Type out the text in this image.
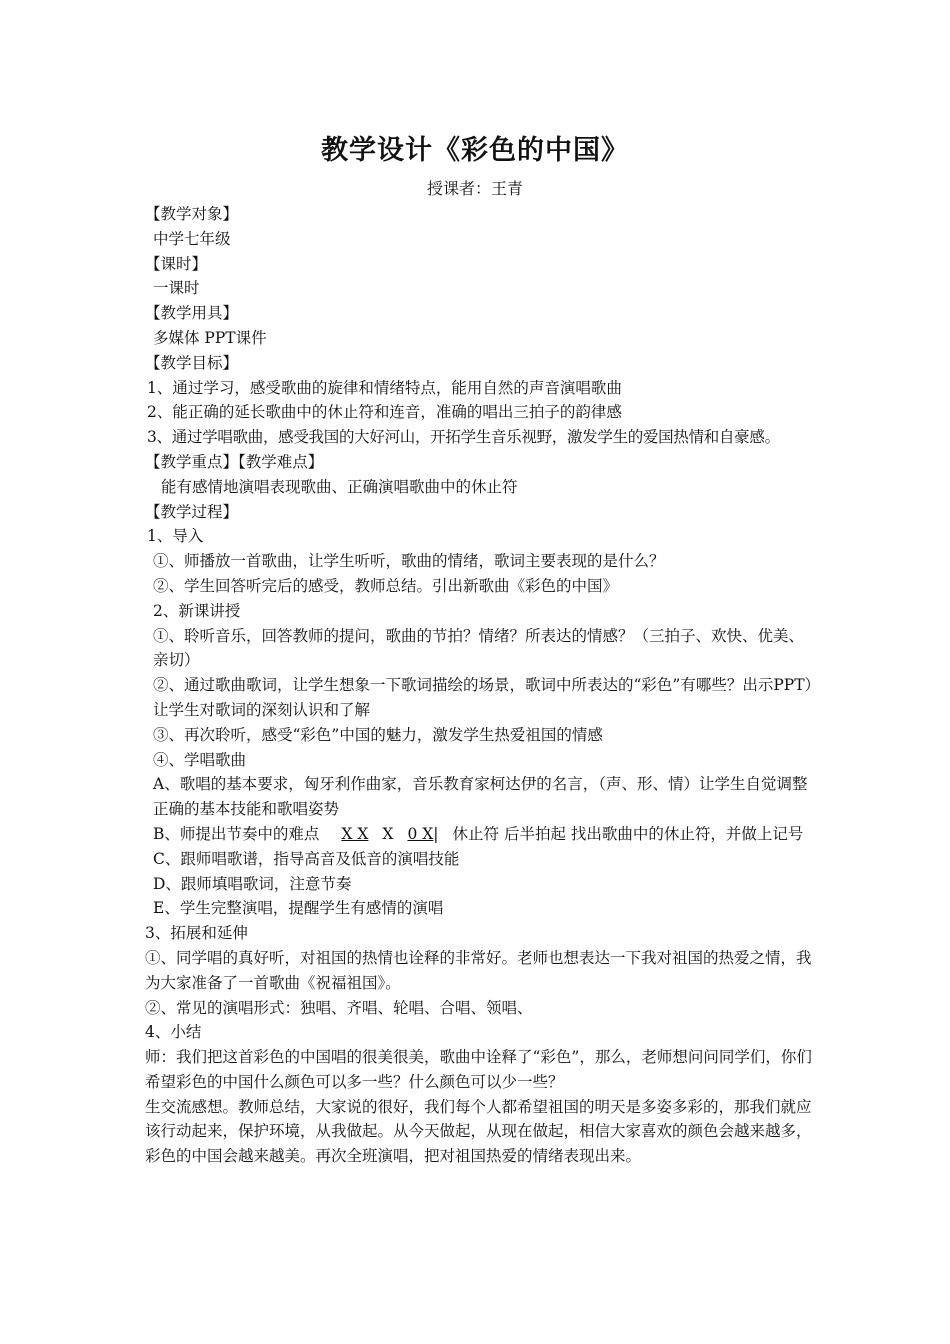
教学设计《彩色的中国》
授课者：王青
【教学对象】
中学七年级
【课时】
一课时
【教学用具】
多媒体 PPT课件
【教学目标】
1、通过学习，感受歌曲的旋律和情绪特点，能用自然的声音演唱歌曲
2、能正确的延长歌曲中的休止符和连音，准确的唱出三拍子的韵律感
3、通过学唱歌曲，感受我国的大好河山，开拓学生音乐视野，激发学生的爱国热情和自豪感。
【教学重点】【教学难点】
能有感情地演唱表现歌曲、正确演唱歌曲中的休止符
【教学过程】
1、导入
①、师播放一首歌曲，让学生听听，歌曲的情绪，歌词主要表现的是什么？
②、学生回答听完后的感受，教师总结。引出新歌曲《彩色的中国》
2、新课讲授
①、聆听音乐，回答教师的提问，歌曲的节拍？情绪？所表达的情感？（三拍子、欢快、优美、亲切）
②、通过歌曲歌词，让学生想象一下歌词描绘的场景，歌词中所表达的“彩色”有哪些？出示PPT）让学生对歌词的深刻认识和了解
③、再次聆听，感受“彩色”中国的魅力，激发学生热爱祖国的情感
④、学唱歌曲
A、歌唱的基本要求，匈牙利作曲家，音乐教育家柯达伊的名言，（声、形、情）让学生自觉调整正确的基本技能和歌唱姿势
B、师提出节奏中的难点 X X X 0 X| 休止符 后半拍起 找出歌曲中的休止符，并做上记号
C、跟师唱歌谱，指导高音及低音的演唱技能
D、跟师填唱歌词，注意节奏
E、学生完整演唱，提醒学生有感情的演唱
3、拓展和延伸
①、同学唱的真好听，对祖国的热情也诠释的非常好。老师也想表达一下我对祖国的热爱之情，我为大家准备了一首歌曲《祝福祖国》。
②、常见的演唱形式：独唱、齐唱、轮唱、合唱、领唱、
4、小结
师：我们把这首彩色的中国唱的很美很美，歌曲中诠释了“彩色”，那么，老师想问问同学们，你们希望彩色的中国什么颜色可以多一些？什么颜色可以少一些？
生交流感想。教师总结，大家说的很好，我们每个人都希望祖国的明天是多姿多彩的，那我们就应该行动起来，保护环境，从我做起。从今天做起，从现在做起，相信大家喜欢的颜色会越来越多，彩色的中国会越来越美。再次全班演唱，把对祖国热爱的情绪表现出来。
